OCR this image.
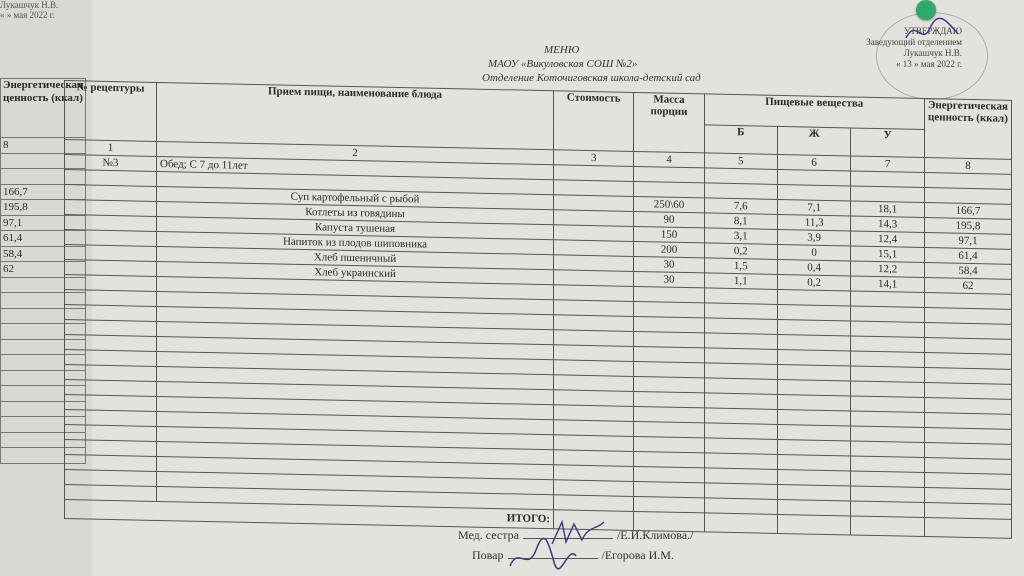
Лукашчук Н.В.
« » мая 2022 г.
Энергетическая ценность (ккал)
8

166,7
195,8
97,1
61,4
58,4
62

УТВЕРЖДАЮ
Заведующий отделением
Лукашчук Н.В.
« 13 » мая 2022 г.
МЕНЮ
МАОУ «Викуловская СОШ №2»
Отделение Коточиговская школа-детский сад
№ рецептуры	Прием пищи, наименование блюда	Стоимость	Масса порции	Пищевые вещества			Энергетическая ценность (ккал)
				Б	Ж	У	
1	2	3	4	5	6	7	8
№3	Обед; С 7 до 11лет						

	Суп картофельный с рыбой		250\60	7,6	7,1	18,1	166,7
	Котлеты из говядины		90	8,1	11,3	14,3	195,8
	Капуста тушеная		150	3,1	3,9	12,4	97,1
	Напиток из плодов шиповника		200	0,2	0	15,1	61,4
	Хлеб пшеничный		30	1,5	0,4	12,2	58,4
	Хлеб украинский		30	1,1	0,2	14,1	62

ИТОГО:							
Мед. сестра	/Е.И.Климова./
Повар	/Егорова И.М.
